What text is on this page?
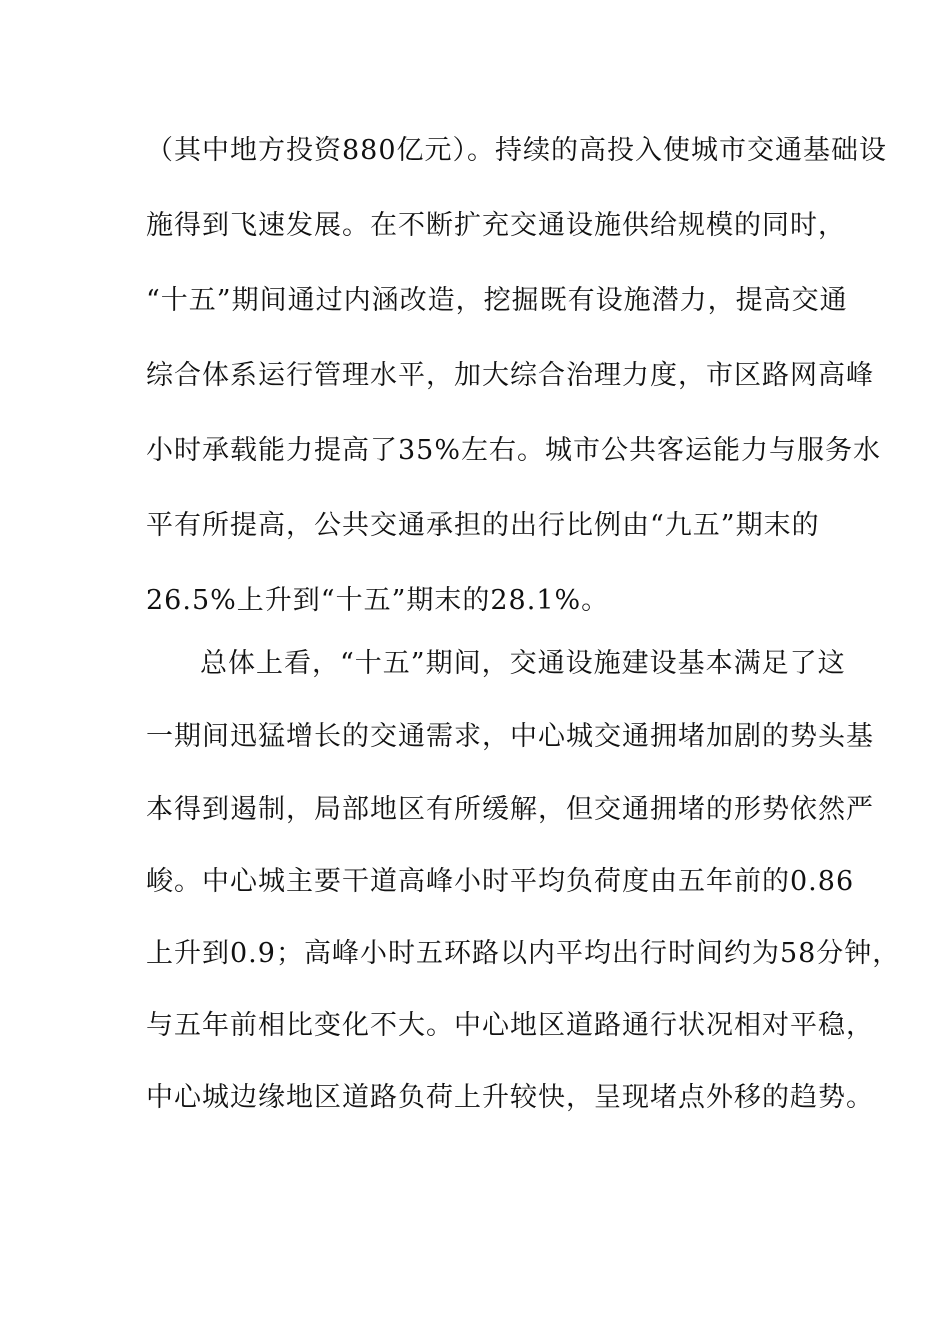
（其中地方投资880亿元）。持续的高投入使城市交通基础设
施得到飞速发展。在不断扩充交通设施供给规模的同时，
“十五”期间通过内涵改造，挖掘既有设施潜力，提高交通
综合体系运行管理水平，加大综合治理力度，市区路网高峰
小时承载能力提高了35%左右。城市公共客运能力与服务水
平有所提高，公共交通承担的出行比例由“九五”期末的
26.5%上升到“十五”期末的28.1%。
总体上看，“十五”期间，交通设施建设基本满足了这
一期间迅猛增长的交通需求，中心城交通拥堵加剧的势头基
本得到遏制，局部地区有所缓解，但交通拥堵的形势依然严
峻。中心城主要干道高峰小时平均负荷度由五年前的0.86
上升到0.9；高峰小时五环路以内平均出行时间约为58分钟，
与五年前相比变化不大。中心地区道路通行状况相对平稳，
中心城边缘地区道路负荷上升较快，呈现堵点外移的趋势。
